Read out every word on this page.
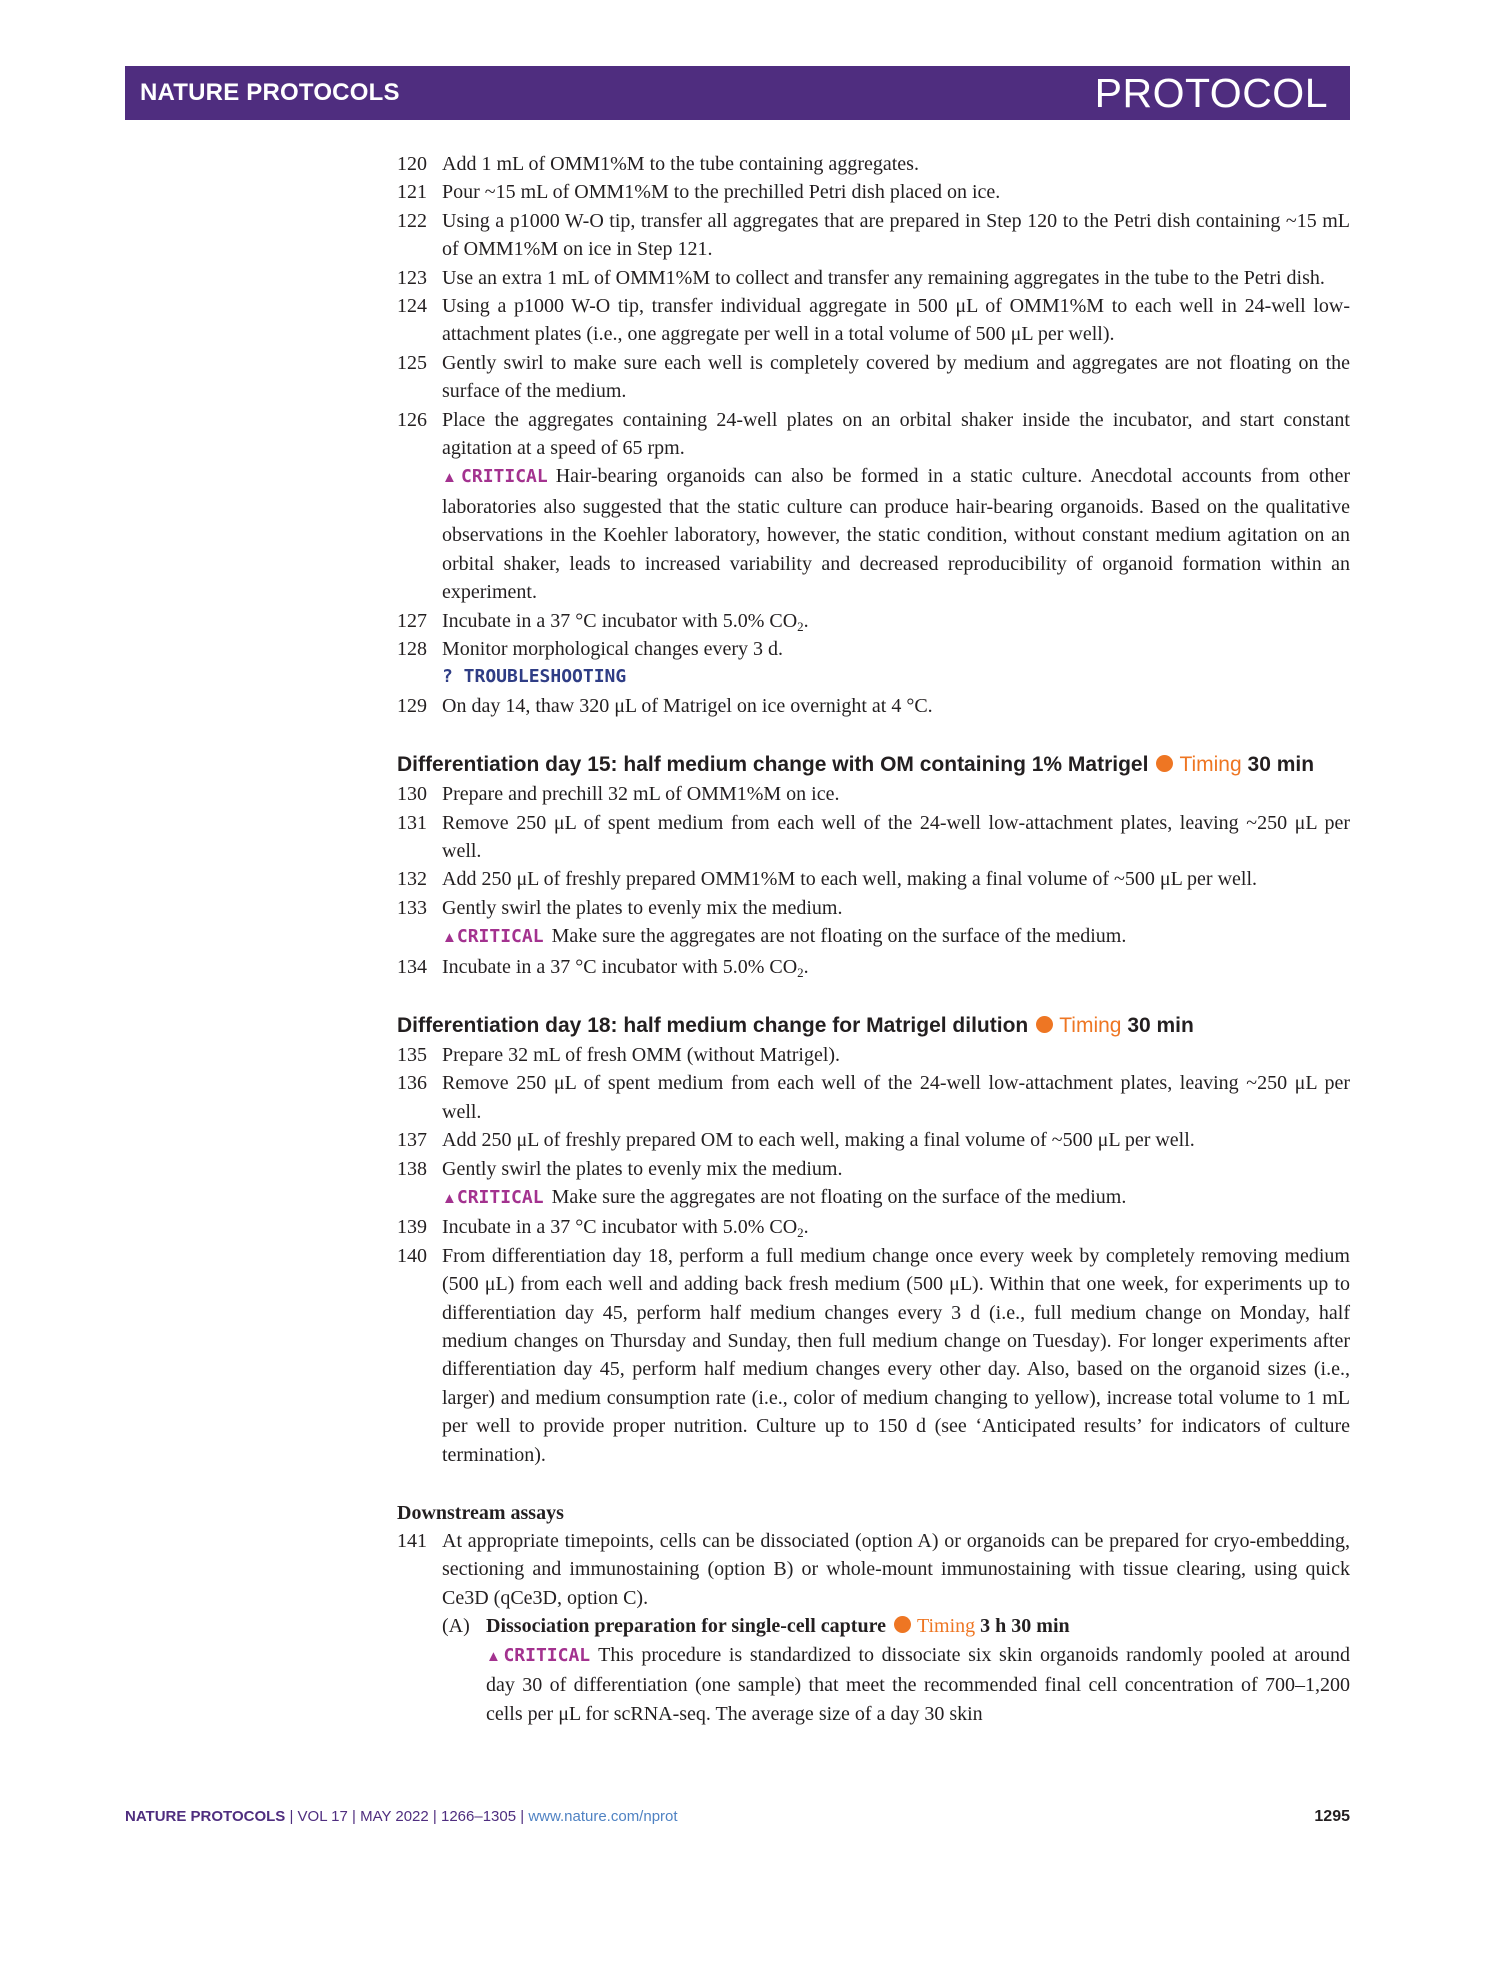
NATURE PROTOCOLS	PROTOCOL
120 Add 1 mL of OMM1%M to the tube containing aggregates.
121 Pour ~15 mL of OMM1%M to the prechilled Petri dish placed on ice.
122 Using a p1000 W-O tip, transfer all aggregates that are prepared in Step 120 to the Petri dish containing ~15 mL of OMM1%M on ice in Step 121.
123 Use an extra 1 mL of OMM1%M to collect and transfer any remaining aggregates in the tube to the Petri dish.
124 Using a p1000 W-O tip, transfer individual aggregate in 500 μL of OMM1%M to each well in 24-well low-attachment plates (i.e., one aggregate per well in a total volume of 500 μL per well).
125 Gently swirl to make sure each well is completely covered by medium and aggregates are not floating on the surface of the medium.
126 Place the aggregates containing 24-well plates on an orbital shaker inside the incubator, and start constant agitation at a speed of 65 rpm.
▲CRITICAL Hair-bearing organoids can also be formed in a static culture. Anecdotal accounts from other laboratories also suggested that the static culture can produce hair-bearing organoids. Based on the qualitative observations in the Koehler laboratory, however, the static condition, without constant medium agitation on an orbital shaker, leads to increased variability and decreased reproducibility of organoid formation within an experiment.
127 Incubate in a 37 °C incubator with 5.0% $CO_2$.
128 Monitor morphological changes every 3 d.
? TROUBLESHOOTING
129 On day 14, thaw 320 μL of Matrigel on ice overnight at 4 °C.
Differentiation day 15: half medium change with OM containing 1% Matrigel Timing 30 min
130 Prepare and prechill 32 mL of OMM1%M on ice.
131 Remove 250 μL of spent medium from each well of the 24-well low-attachment plates, leaving ~250 μL per well.
132 Add 250 μL of freshly prepared OMM1%M to each well, making a final volume of ~500 μL per well.
133 Gently swirl the plates to evenly mix the medium.
▲CRITICAL Make sure the aggregates are not floating on the surface of the medium.
134 Incubate in a 37 °C incubator with 5.0% $CO_2$.
Differentiation day 18: half medium change for Matrigel dilution Timing 30 min
135 Prepare 32 mL of fresh OMM (without Matrigel).
136 Remove 250 μL of spent medium from each well of the 24-well low-attachment plates, leaving ~250 μL per well.
137 Add 250 μL of freshly prepared OM to each well, making a final volume of ~500 μL per well.
138 Gently swirl the plates to evenly mix the medium.
▲CRITICAL Make sure the aggregates are not floating on the surface of the medium.
139 Incubate in a 37 °C incubator with 5.0% $CO_2$.
140 From differentiation day 18, perform a full medium change once every week by completely removing medium (500 μL) from each well and adding back fresh medium (500 μL). Within that one week, for experiments up to differentiation day 45, perform half medium changes every 3 d (i.e., full medium change on Monday, half medium changes on Thursday and Sunday, then full medium change on Tuesday). For longer experiments after differentiation day 45, perform half medium changes every other day. Also, based on the organoid sizes (i.e., larger) and medium consumption rate (i.e., color of medium changing to yellow), increase total volume to 1 mL per well to provide proper nutrition. Culture up to 150 d (see ‘Anticipated results’ for indicators of culture termination).
Downstream assays
141 At appropriate timepoints, cells can be dissociated (option A) or organoids can be prepared for cryo-embedding, sectioning and immunostaining (option B) or whole-mount immunostaining with tissue clearing, using quick Ce3D (qCe3D, option C).
(A) Dissociation preparation for single-cell capture Timing 3 h 30 min
▲CRITICAL This procedure is standardized to dissociate six skin organoids randomly pooled at around day 30 of differentiation (one sample) that meet the recommended final cell concentration of 700–1,200 cells per μL for scRNA-seq. The average size of a day 30 skin
NATURE PROTOCOLS | VOL 17 | MAY 2022 | 1266–1305 | www.nature.com/nprot	1295
